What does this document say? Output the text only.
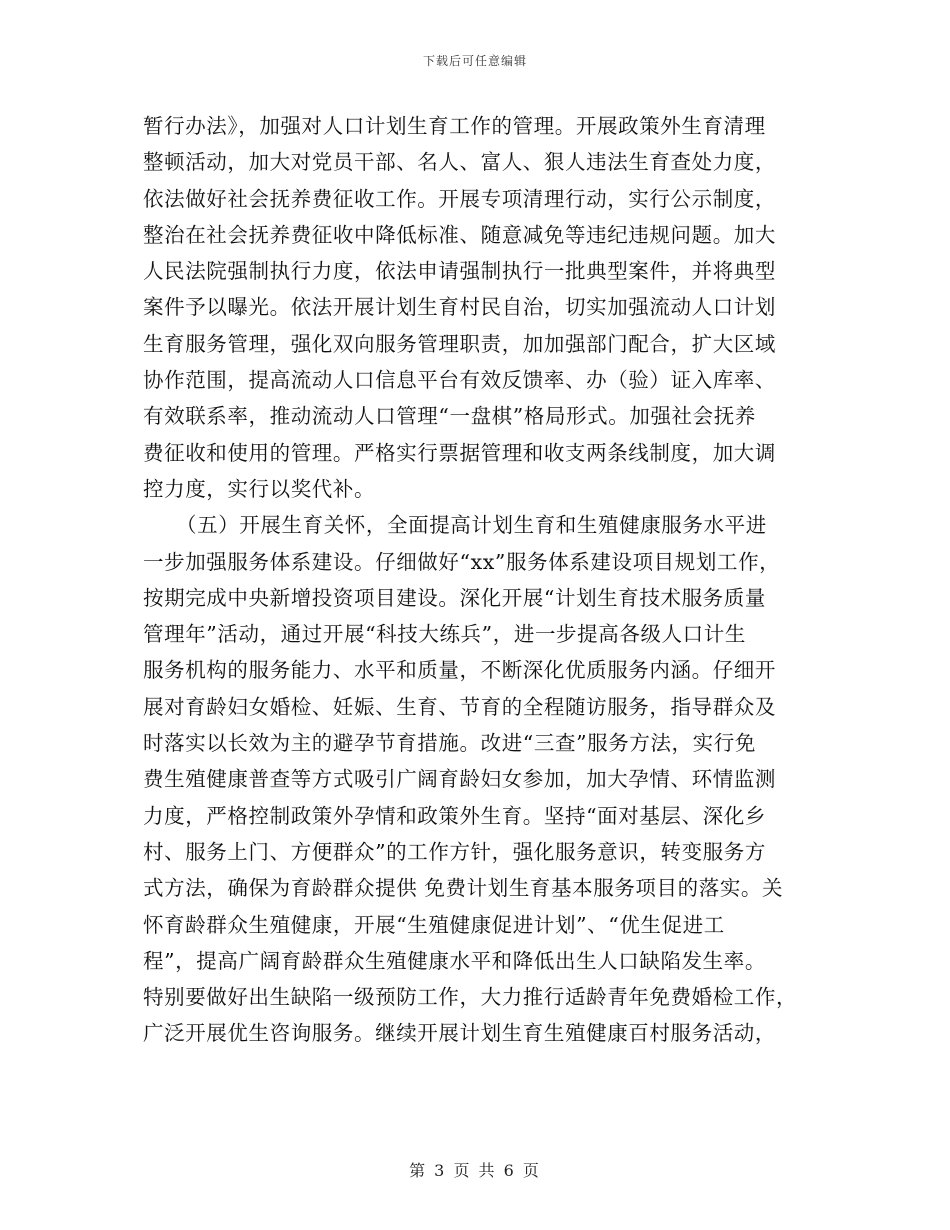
下载后可任意编辑
暂行办法》，加强对人口计划生育工作的管理。开展政策外生育清理
整顿活动，加大对党员干部、名人、富人、狠人违法生育查处力度，
依法做好社会抚养费征收工作。开展专项清理行动，实行公示制度，
整治在社会抚养费征收中降低标准、随意减免等违纪违规问题。加大
人民法院强制执行力度，依法申请强制执行一批典型案件，并将典型
案件予以曝光。依法开展计划生育村民自治，切实加强流动人口计划
生育服务管理，强化双向服务管理职责，加加强部门配合，扩大区域
协作范围，提高流动人口信息平台有效反馈率、办（验）证入库率、
有效联系率，推动流动人口管理“一盘棋”格局形式。加强社会抚养
费征收和使用的管理。严格实行票据管理和收支两条线制度，加大调
控力度，实行以奖代补。
（五）开展生育关怀，全面提高计划生育和生殖健康服务水平进
一步加强服务体系建设。仔细做好“xx”服务体系建设项目规划工作，
按期完成中央新增投资项目建设。深化开展“计划生育技术服务质量
管理年”活动，通过开展“科技大练兵”，进一步提高各级人口计生
服务机构的服务能力、水平和质量，不断深化优质服务内涵。仔细开
展对育龄妇女婚检、妊娠、生育、节育的全程随访服务，指导群众及
时落实以长效为主的避孕节育措施。改进“三查”服务方法，实行免
费生殖健康普查等方式吸引广阔育龄妇女参加，加大孕情、环情监测
力度，严格控制政策外孕情和政策外生育。坚持“面对基层、深化乡
村、服务上门、方便群众”的工作方针，强化服务意识，转变服务方
式方法，确保为育龄群众提供 免费计划生育基本服务项目的落实。关
怀育龄群众生殖健康，开展“生殖健康促进计划”、“优生促进工
程”，提高广阔育龄群众生殖健康水平和降低出生人口缺陷发生率。
特别要做好出生缺陷一级预防工作，大力推行适龄青年免费婚检工作，
广泛开展优生咨询服务。继续开展计划生育生殖健康百村服务活动，
第 3 页 共 6 页
